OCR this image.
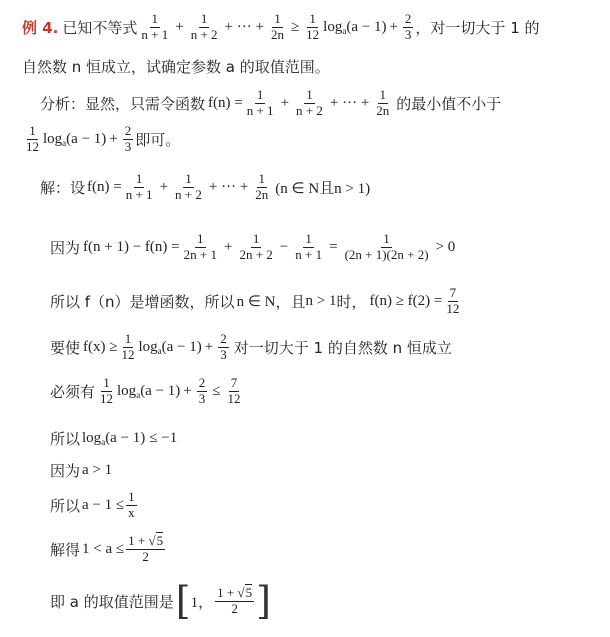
例 4. 已知不等式 $\frac{1}{n + 1} + \frac{1}{n + 2}$ + ··· + $\frac{1}{2n} \ge \frac{1}{12} \log_a(a - 1) + \frac{2}{3}$ ，对一切大于 1 的
自然数 n 恒成立，试确定参数 a 的取值范围。
分析：显然，只需令函数 $f(n) = \frac{1}{n + 1} + \frac{1}{n + 2}$ + ··· + $\frac{1}{2n}$ 的最小值不小于
$\frac{1}{12} \log_a(a - 1) + \frac{2}{3}$ 即可。
解：设 $f(n) = \frac{1}{n + 1} + \frac{1}{n + 2}$ + ··· + $\frac{1}{2n} (n$ ∈ N且n > 1)
因为 $f(n + 1) - f(n) = \frac{1}{2n + 1} + \frac{1}{2n + 2} - \frac{1}{n + 1} = \frac{1}{(2n + 1)(2n + 2)} > 0$
所以 f（n）是增函数，所以 n ∈ N ，且 n > 1 时， $f(n) \ge f(2) = \frac{7}{12}$
要使 $f(x) \ge \frac{1}{12} \log_a(a - 1) + \frac{2}{3}$ 对一切大于 1 的自然数 n 恒成立
必须有 $\frac{1}{12} \log_a(a - 1) + \frac{2}{3} \le \frac{7}{12}$
所以 $\log_a(a - 1) \le -1$
因为 a > 1
所以 $a - 1 \le \frac{1}{x}$
解得 $1 < a \le \frac{1 + √5}{2}$
即 a 的取值范围是 [ 1， $\frac{1 + √5}{2}$ ]
